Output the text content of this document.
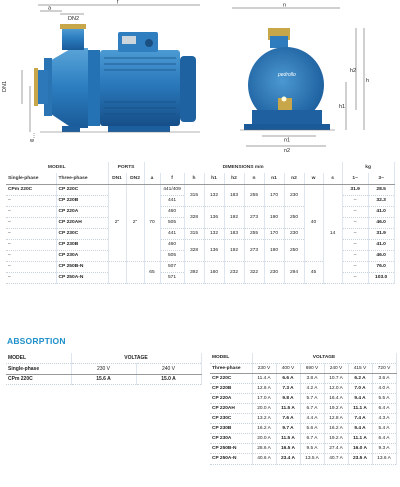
pedrollo
a
DN2
f	n
DN1
h2
h
h1
n1
n2
w
MODEL		PORTS		DIMENSIONS mm										kg	
Single-phase	Three-phase	DN1	DN2	a	f	h	h1	h2	n	n1	n2	w	s	1~	3~
CPm 220C	CP 220C	2"	2"	70	441/409	315	132	183	255	170	230	40	14	31.9	28.5
–	CP 220B				441									–	32.3
–	CP 220A				460	328	136	192	273	190	250			–	41.0
–	CP 220AH				505									–	46.0
–	CP 230C				441	315	132	183	255	170	230			–	31.9
–	CP 230B				460	328	136	192	273	190	250			–	41.0
–	CP 230A				505									–	46.0
–	CP 250B-N			65	507	392	160	232	322	230	294	45		–	76.0
–	CP 250A-N				571									–	103.0
ABSORPTION
MODEL	VOLTAGE	
Single-phase	230 V	240 V
CPm 220C	15.6 A	15.0 A
MODEL	VOLTAGE					
Three-phase	230 V	400 V	690 V	240 V	415 V	720 V
CP 220C	11.4 A	6.6 A	3.8 A	10.7 A	6.2 A	3.6 A
CP 220B	12.6 A	7.3 A	4.2 A	12.0 A	7.0 A	4.0 A
CP 220A	17.0 A	9.8 A	5.7 A	16.4 A	9.4 A	5.5 A
CP 220AH	20.0 A	11.5 A	6.7 A	19.2 A	11.1 A	6.4 A
CP 230C	13.2 A	7.6 A	4.4 A	12.8 A	7.4 A	4.3 A
CP 230B	16.2 A	9.7 A	5.6 A	16.2 A	9.4 A	5.4 A
CP 230A	20.0 A	11.5 A	6.7 A	19.2 A	11.1 A	6.4 A
CP 250B-N	28.6 A	16.5 A	9.5 A	27.4 A	16.0 A	9.3 A
CP 250A-N	40.6 A	23.4 A	13.5 A	40.7 A	23.5 A	13.6 A
